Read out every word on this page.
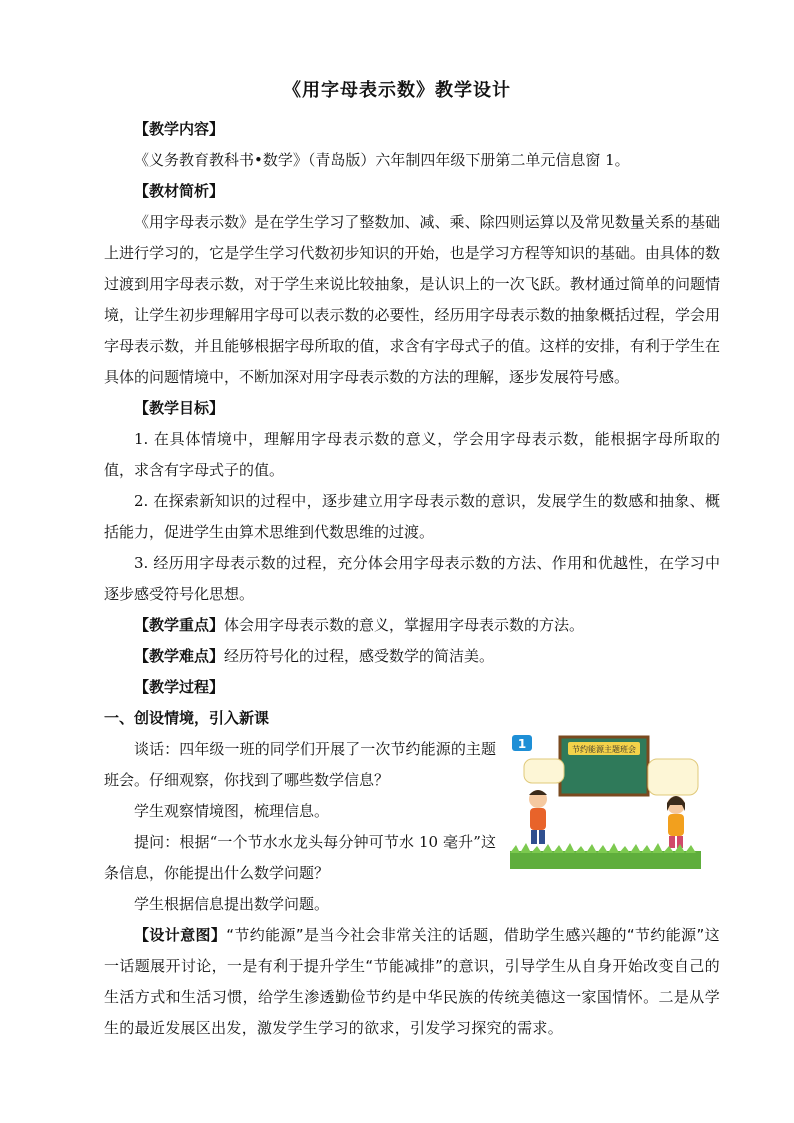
《用字母表示数》教学设计
【教学内容】
《义务教育教科书•数学》（青岛版）六年制四年级下册第二单元信息窗 1。
【教材简析】
《用字母表示数》是在学生学习了整数加、减、乘、除四则运算以及常见数量关系的基础上进行学习的，它是学生学习代数初步知识的开始，也是学习方程等知识的基础。由具体的数过渡到用字母表示数，对于学生来说比较抽象，是认识上的一次飞跃。教材通过简单的问题情境，让学生初步理解用字母可以表示数的必要性，经历用字母表示数的抽象概括过程，学会用字母表示数，并且能够根据字母所取的值，求含有字母式子的值。这样的安排，有利于学生在具体的问题情境中，不断加深对用字母表示数的方法的理解，逐步发展符号感。
【教学目标】
1. 在具体情境中，理解用字母表示数的意义，学会用字母表示数，能根据字母所取的值，求含有字母式子的值。
2. 在探索新知识的过程中，逐步建立用字母表示数的意识，发展学生的数感和抽象、概括能力，促进学生由算术思维到代数思维的过渡。
3. 经历用字母表示数的过程，充分体会用字母表示数的方法、作用和优越性，在学习中逐步感受符号化思想。
【教学重点】体会用字母表示数的意义，掌握用字母表示数的方法。
【教学难点】经历符号化的过程，感受数学的简洁美。
【教学过程】
一、创设情境，引入新课
谈话：四年级一班的同学们开展了一次节约能源的主题班会。仔细观察，你找到了哪些数学信息？
学生观察情境图，梳理信息。
提问：根据“一个节水水龙头每分钟可节水 10 毫升”这条信息，你能提出什么数学问题？
学生根据信息提出数学问题。
【设计意图】“节约能源”是当今社会非常关注的话题，借助学生感兴趣的“节约能源”这一话题展开讨论，一是有利于提升学生“节能减排”的意识，引导学生从自身开始改变自己的生活方式和生活习惯，给学生渗透勤俭节约是中华民族的传统美德这一家国情怀。二是从学生的最近发展区出发，激发学生学习的欲求，引发学习探究的需求。
1	节约能源主题班会
